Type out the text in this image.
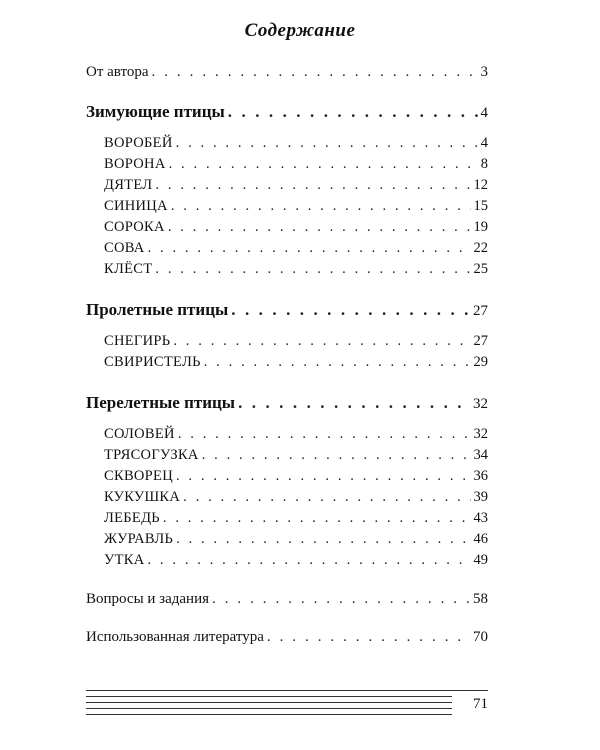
Содержание
От автора . . .	3
Зимующие птицы . . .	4
ВОРОБЕЙ . . .	4
ВОРОНА . . .	8
ДЯТЕЛ . . .	12
СИНИЦА . . .	15
СОРОКА . . .	19
СОВА . . .	22
КЛЁСТ . . .	25
Пролетные птицы . . .	27
СНЕГИРЬ . . .	27
СВИРИСТЕЛЬ . . .	29
Перелетные птицы . . .	32
СОЛОВЕЙ . . .	32
ТРЯСОГУЗКА . . .	34
СКВОРЕЦ . . .	36
КУКУШКА . . .	39
ЛЕБЕДЬ . . .	43
ЖУРАВЛЬ . . .	46
УТКА . . .	49
Вопросы и задания . . .	58
Использованная литература . . .	70
71
